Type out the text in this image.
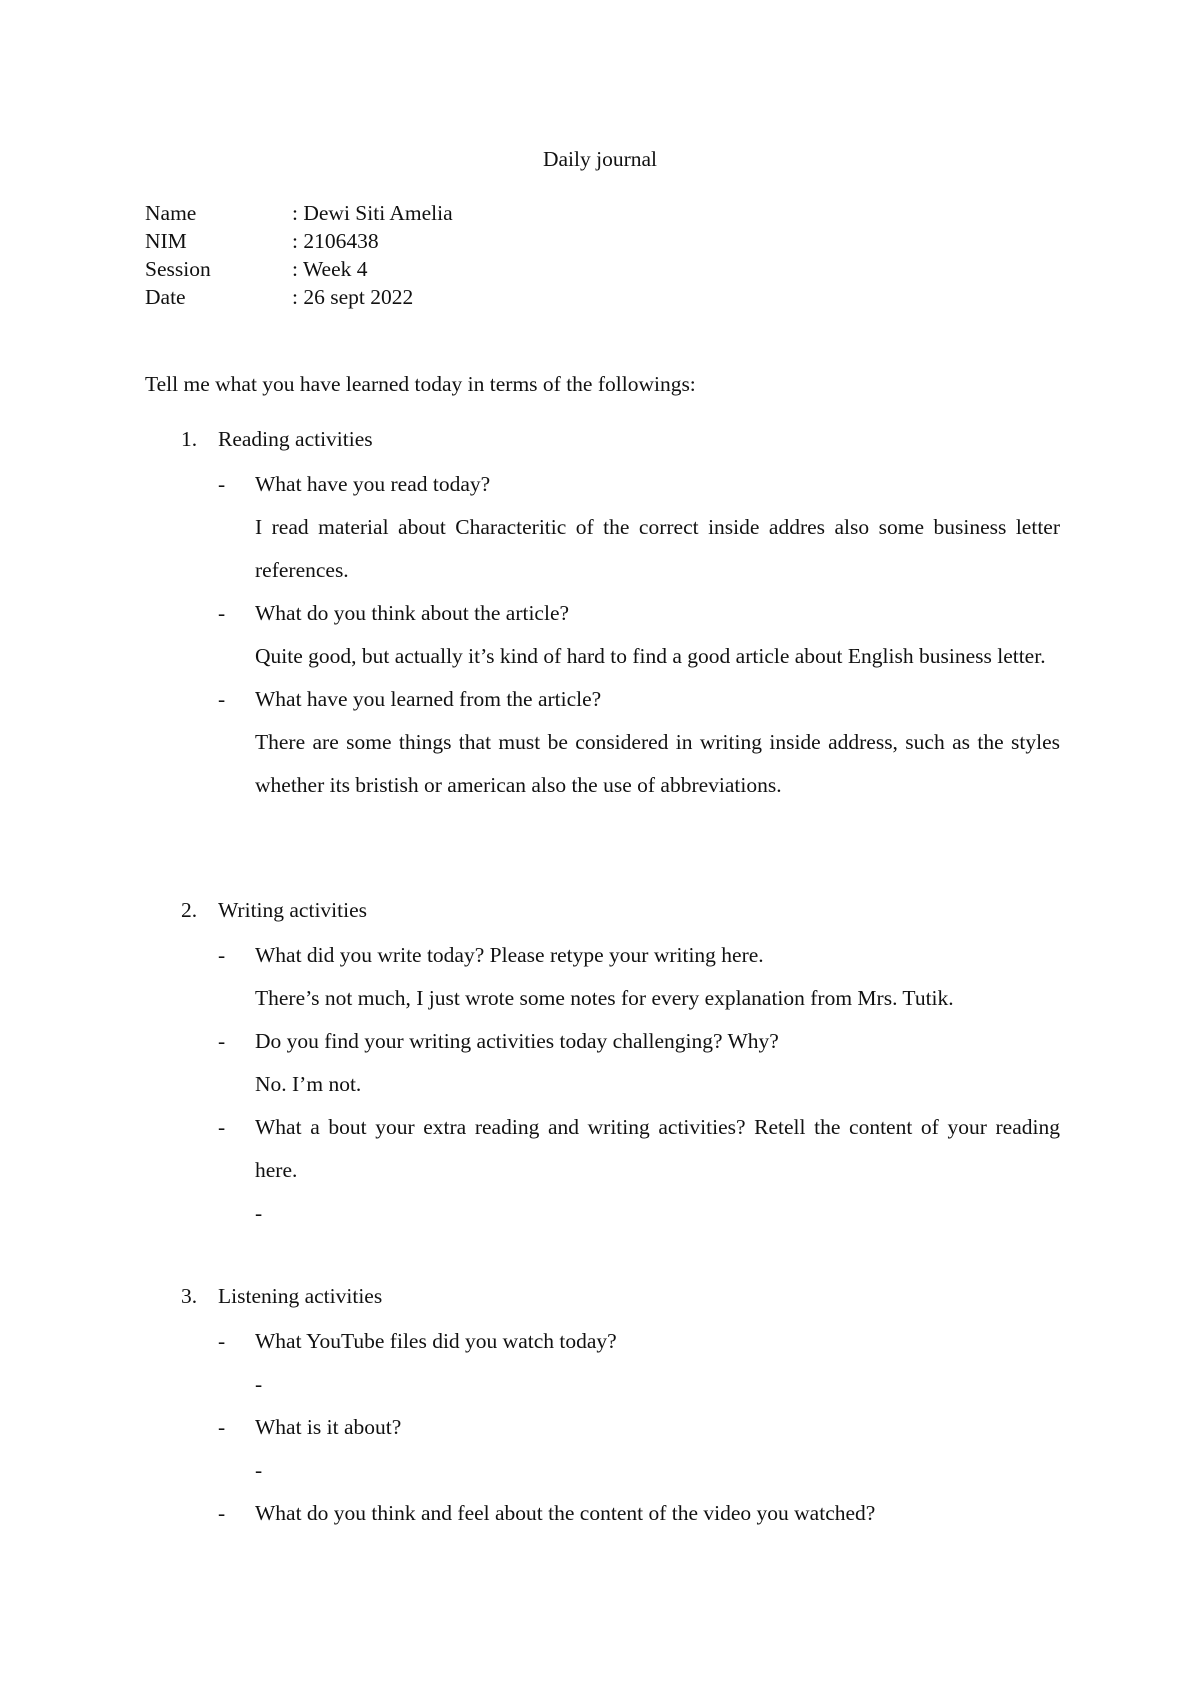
Daily journal
Name	: Dewi Siti Amelia
NIM	: 2106438
Session	: Week 4
Date	: 26 sept 2022
Tell me what you have learned today in terms of the followings:
1. Reading activities
- What have you read today?
I read material about Characteritic of the correct inside addres also some business letter references.
- What do you think about the article?
Quite good, but actually it’s kind of hard to find a good article about English business letter.
- What have you learned from the article?
There are some things that must be considered in writing inside address, such as the styles whether its bristish or american also the use of abbreviations.
2. Writing activities
- What did you write today? Please retype your writing here.
There’s not much, I just wrote some notes for every explanation from Mrs. Tutik.
- Do you find your writing activities today challenging? Why?
No. I’m not.
- What a bout your extra reading and writing activities? Retell the content of your reading here.
-
3. Listening activities
- What YouTube files did you watch today?
-
- What is it about?
-
- What do you think and feel about the content of the video you watched?
